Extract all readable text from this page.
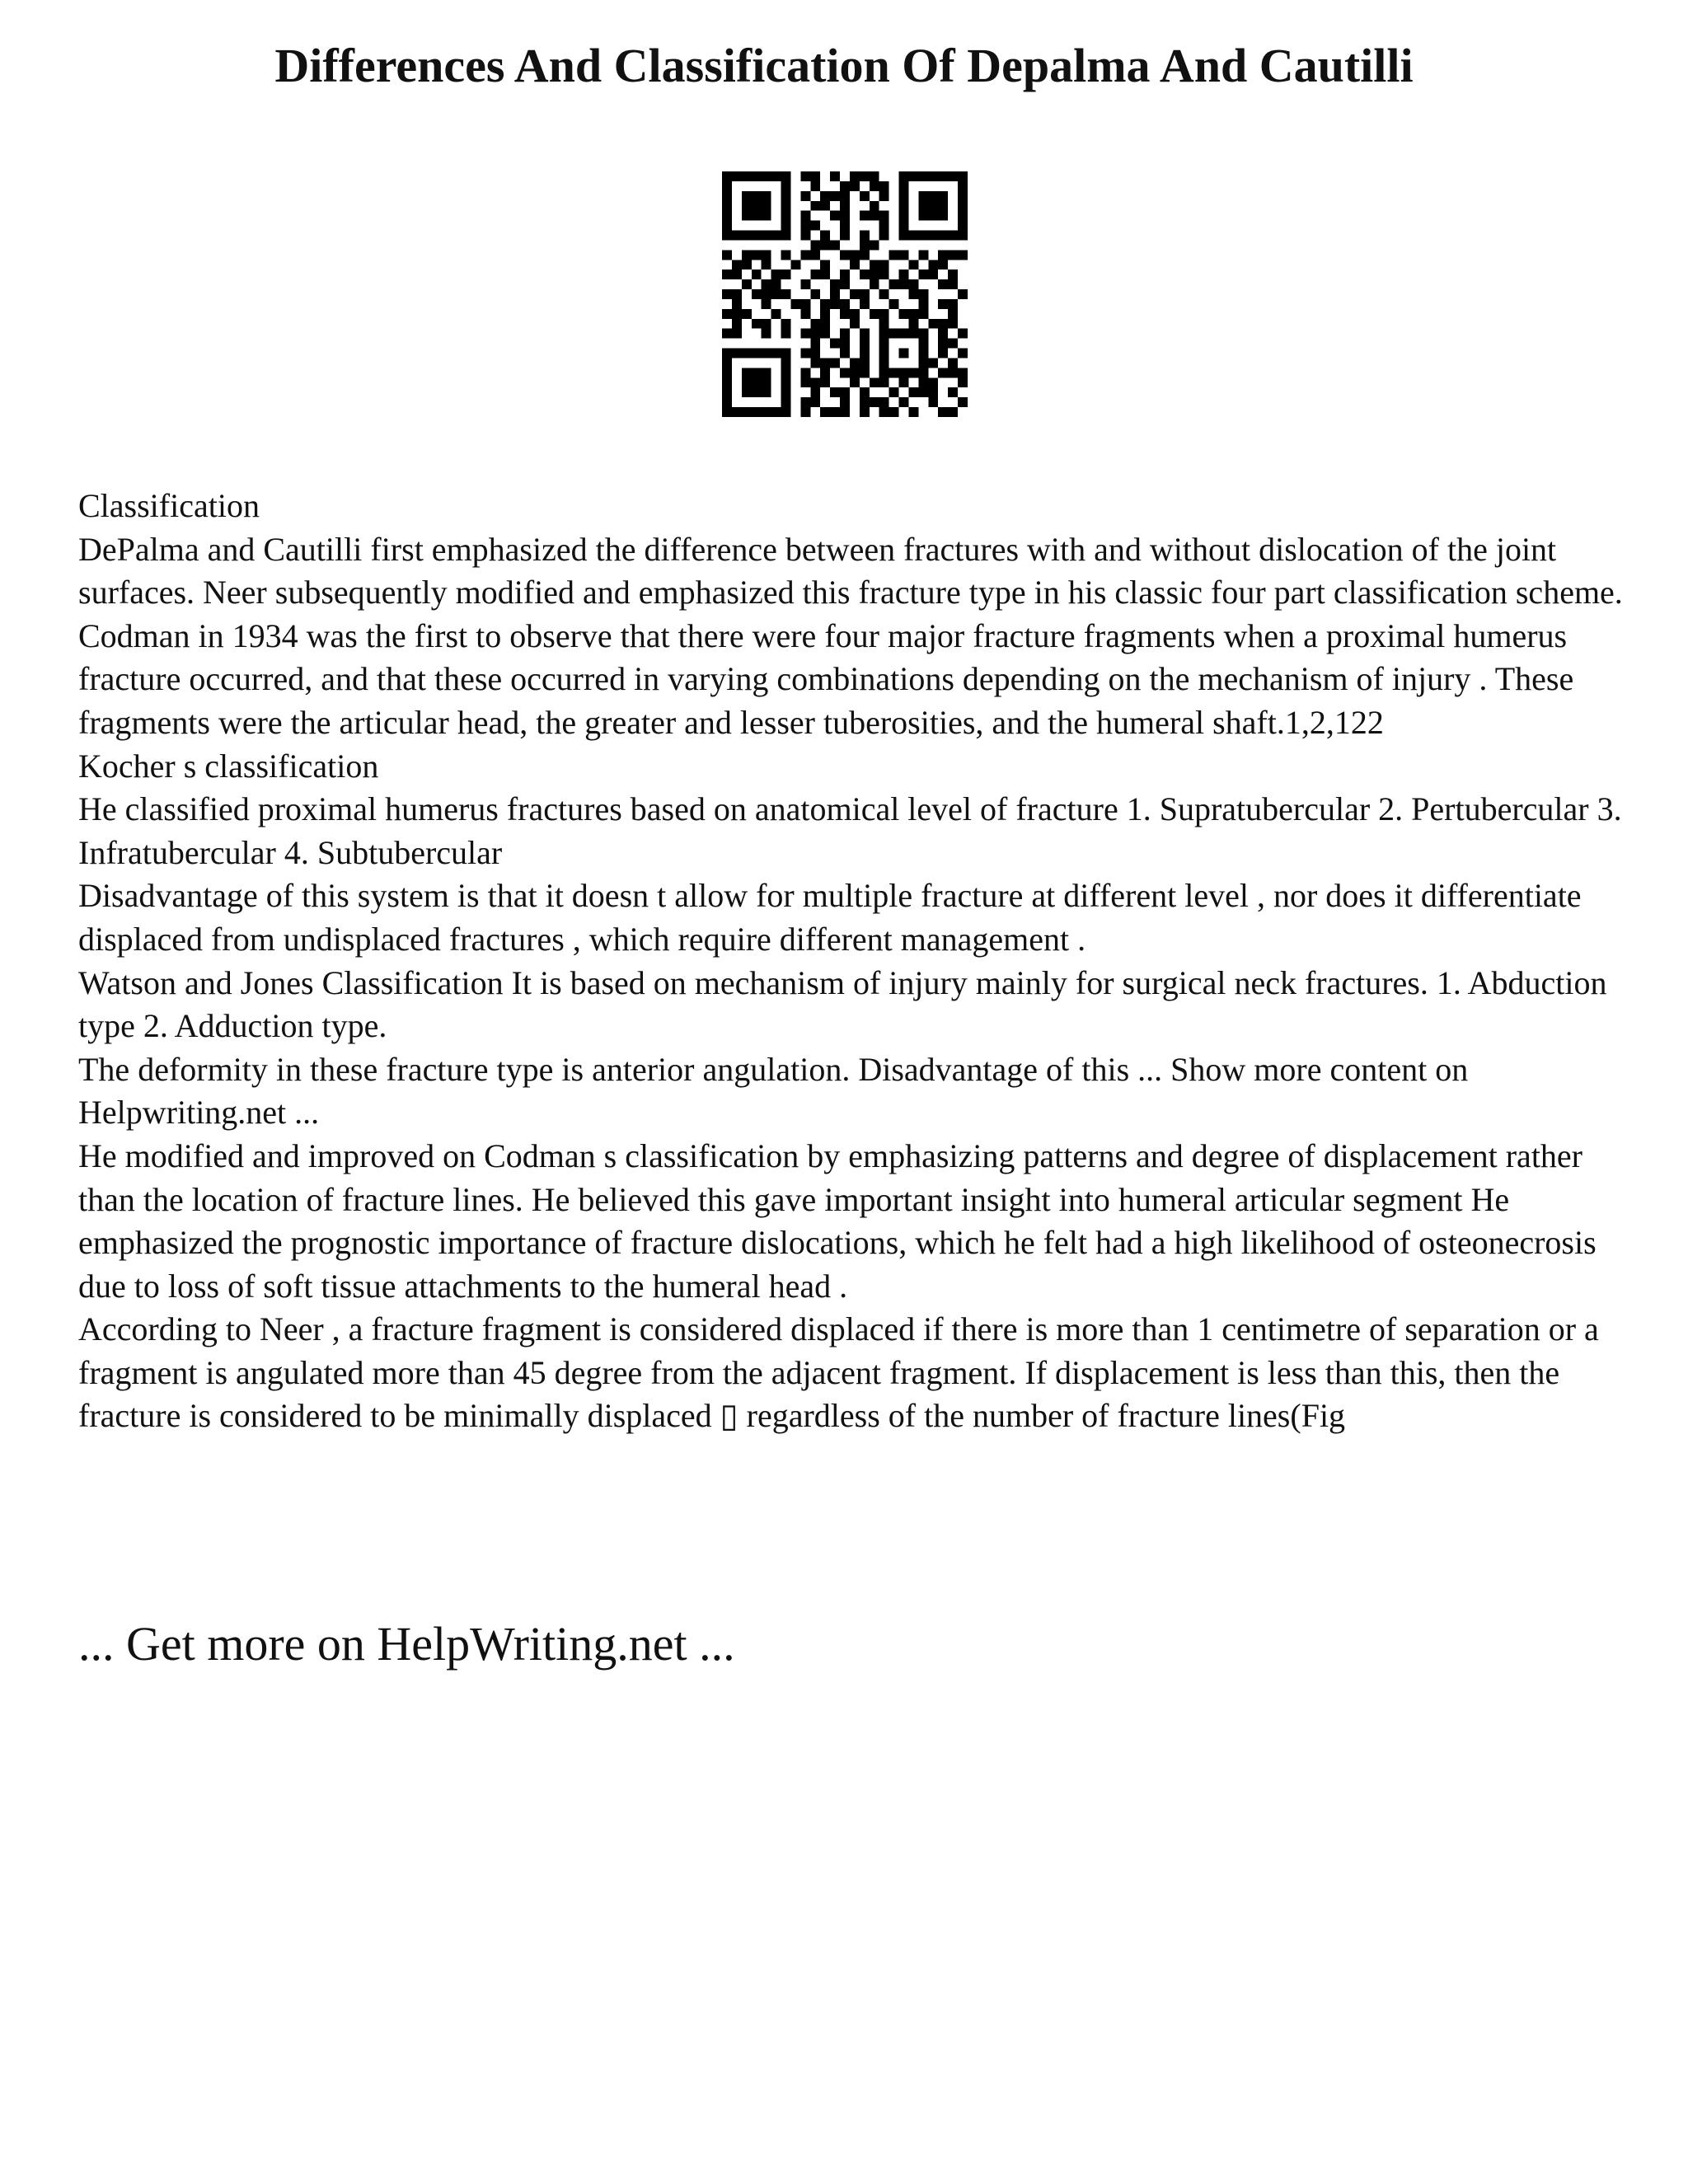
Differences And Classification Of Depalma And Cautilli

Classification

DePalma and Cautilli first emphasized the difference between fractures with and without dislocation of the joint surfaces. Neer subsequently modified and emphasized this fracture type in his classic four part classification scheme.

Codman in 1934 was the first to observe that there were four major fracture fragments when a proximal humerus fracture occurred, and that these occurred in varying combinations depending on the mechanism of injury . These fragments were the articular head, the greater and lesser tuberosities, and the humeral shaft.1,2,122

Kocher s classification

He classified proximal humerus fractures based on anatomical level of fracture 1. Supratubercular 2. Pertubercular 3. Infratubercular 4. Subtubercular

Disadvantage of this system is that it doesn t allow for multiple fracture at different level , nor does it differentiate displaced from undisplaced fractures , which require different management .

Watson and Jones Classification It is based on mechanism of injury mainly for surgical neck fractures. 1. Abduction type 2. Adduction type.

The deformity in these fracture type is anterior angulation. Disadvantage of this ... Show more content on Helpwriting.net ...

He modified and improved on Codman s classification by emphasizing patterns and degree of displacement rather than the location of fracture lines. He believed this gave important insight into humeral articular segment He emphasized the prognostic importance of fracture dislocations, which he felt had a high likelihood of osteonecrosis due to loss of soft tissue attachments to the humeral head .

According to Neer , a fracture fragment is considered displaced if there is more than 1 centimetre of separation or a fragment is angulated more than 45 degree from the adjacent fragment. If displacement is less than this, then the fracture is considered to be minimally displaced ▯ regardless of the number of fracture lines(Fig

... Get more on HelpWriting.net ...
